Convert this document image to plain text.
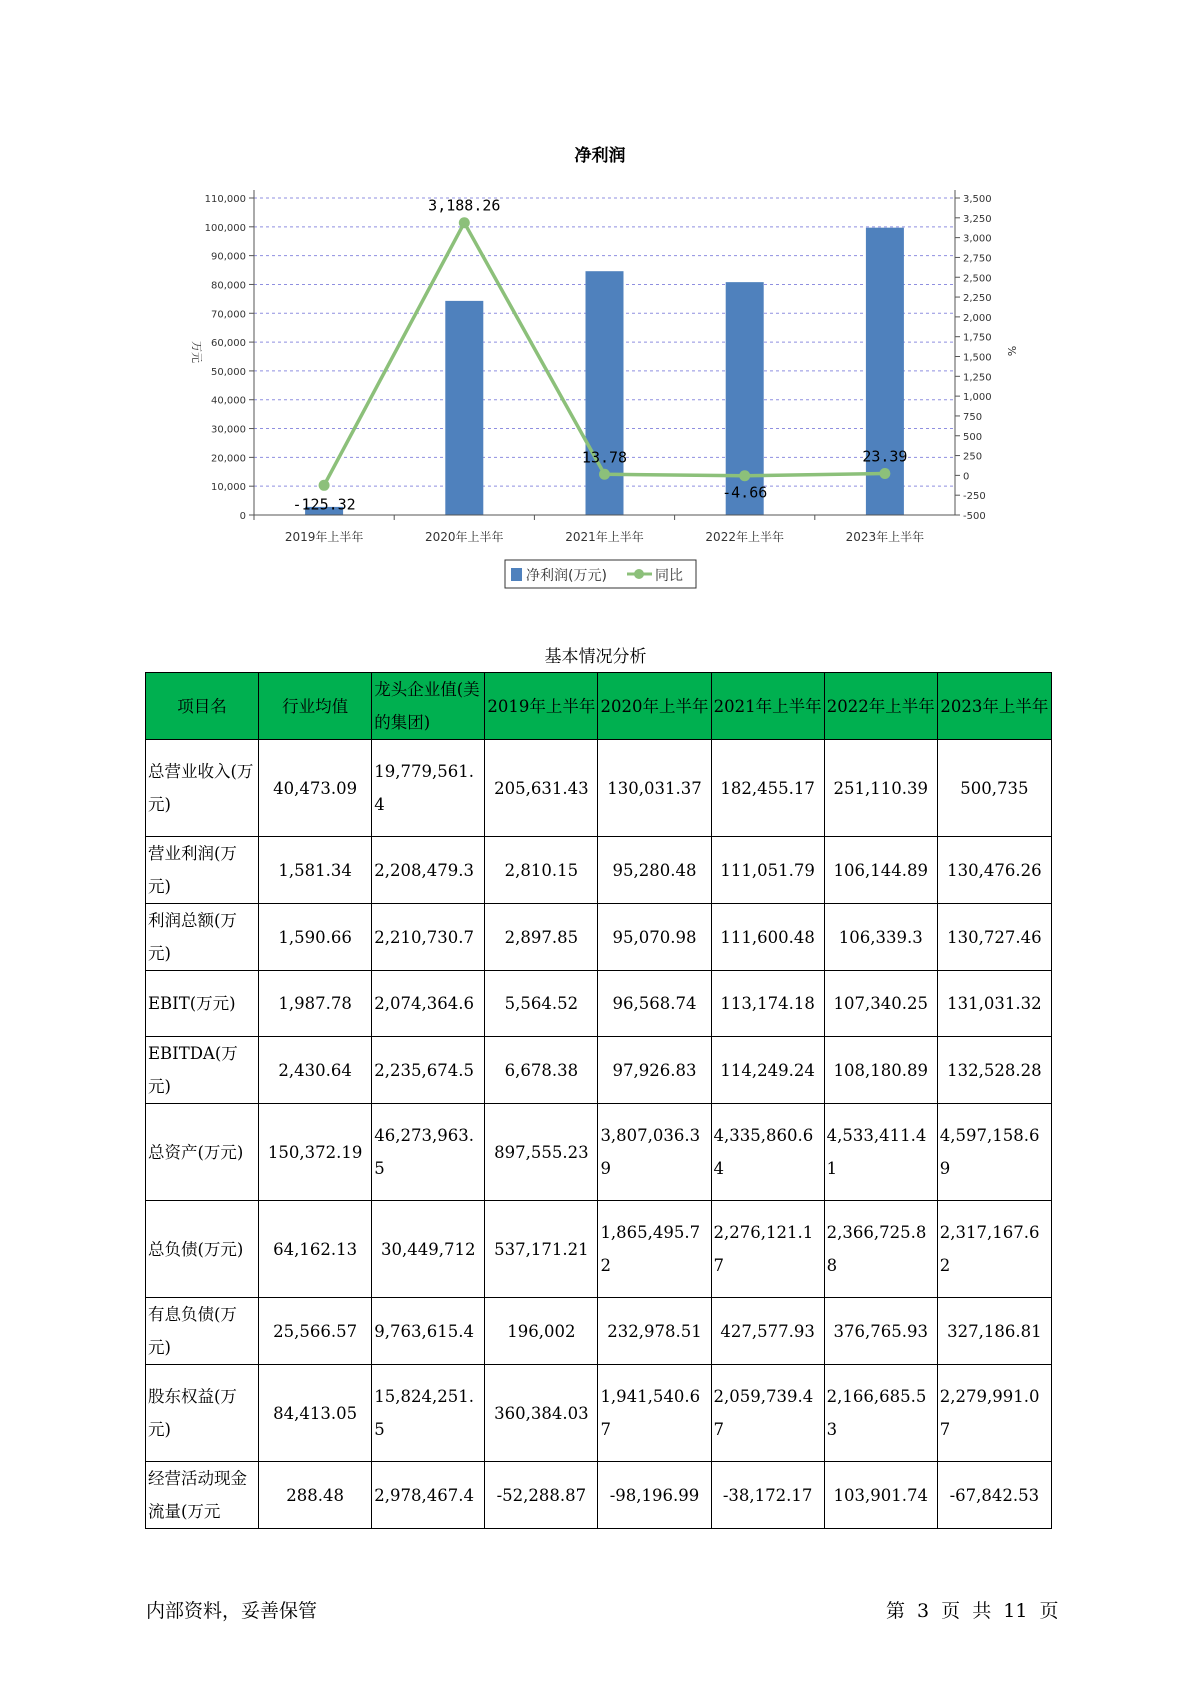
净利润
0
10,000
20,000
30,000
40,000
50,000
60,000
70,000
80,000
90,000
100,000
110,000
-500
-250
0
250
500
750
1,000
1,250
1,500
1,750
2,000
2,250
2,500
2,750
3,000
3,250
3,500
2019年上半年	2020年上半年	2021年上半年	2022年上半年	2023年上半年
-125.32
3,188.26
13.78
-4.66
23.39
万元	%
净利润(万元)	同比
基本情况分析
项目名	行业均值	龙头企业值(美的集团)	2019年上半年	2020年上半年	2021年上半年	2022年上半年	2023年上半年
总营业收入(万元)	40,473.09	19,779,561.4	205,631.43	130,031.37	182,455.17	251,110.39	500,735
营业利润(万元)	1,581.34	2,208,479.3	2,810.15	95,280.48	111,051.79	106,144.89	130,476.26
利润总额(万元)	1,590.66	2,210,730.7	2,897.85	95,070.98	111,600.48	106,339.3	130,727.46
EBIT(万元)	1,987.78	2,074,364.6	5,564.52	96,568.74	113,174.18	107,340.25	131,031.32
EBITDA(万元)	2,430.64	2,235,674.5	6,678.38	97,926.83	114,249.24	108,180.89	132,528.28
总资产(万元)	150,372.19	46,273,963.5	897,555.23	3,807,036.39	4,335,860.64	4,533,411.41	4,597,158.69
总负债(万元)	64,162.13	30,449,712	537,171.21	1,865,495.72	2,276,121.17	2,366,725.88	2,317,167.62
有息负债(万元)	25,566.57	9,763,615.4	196,002	232,978.51	427,577.93	376,765.93	327,186.81
股东权益(万元)	84,413.05	15,824,251.5	360,384.03	1,941,540.67	2,059,739.47	2,166,685.53	2,279,991.07
经营活动现金流量(万元	288.48	2,978,467.4	-52,288.87	-98,196.99	-38,172.17	103,901.74	-67,842.53
内部资料，妥善保管	第 3 页 共 11 页
